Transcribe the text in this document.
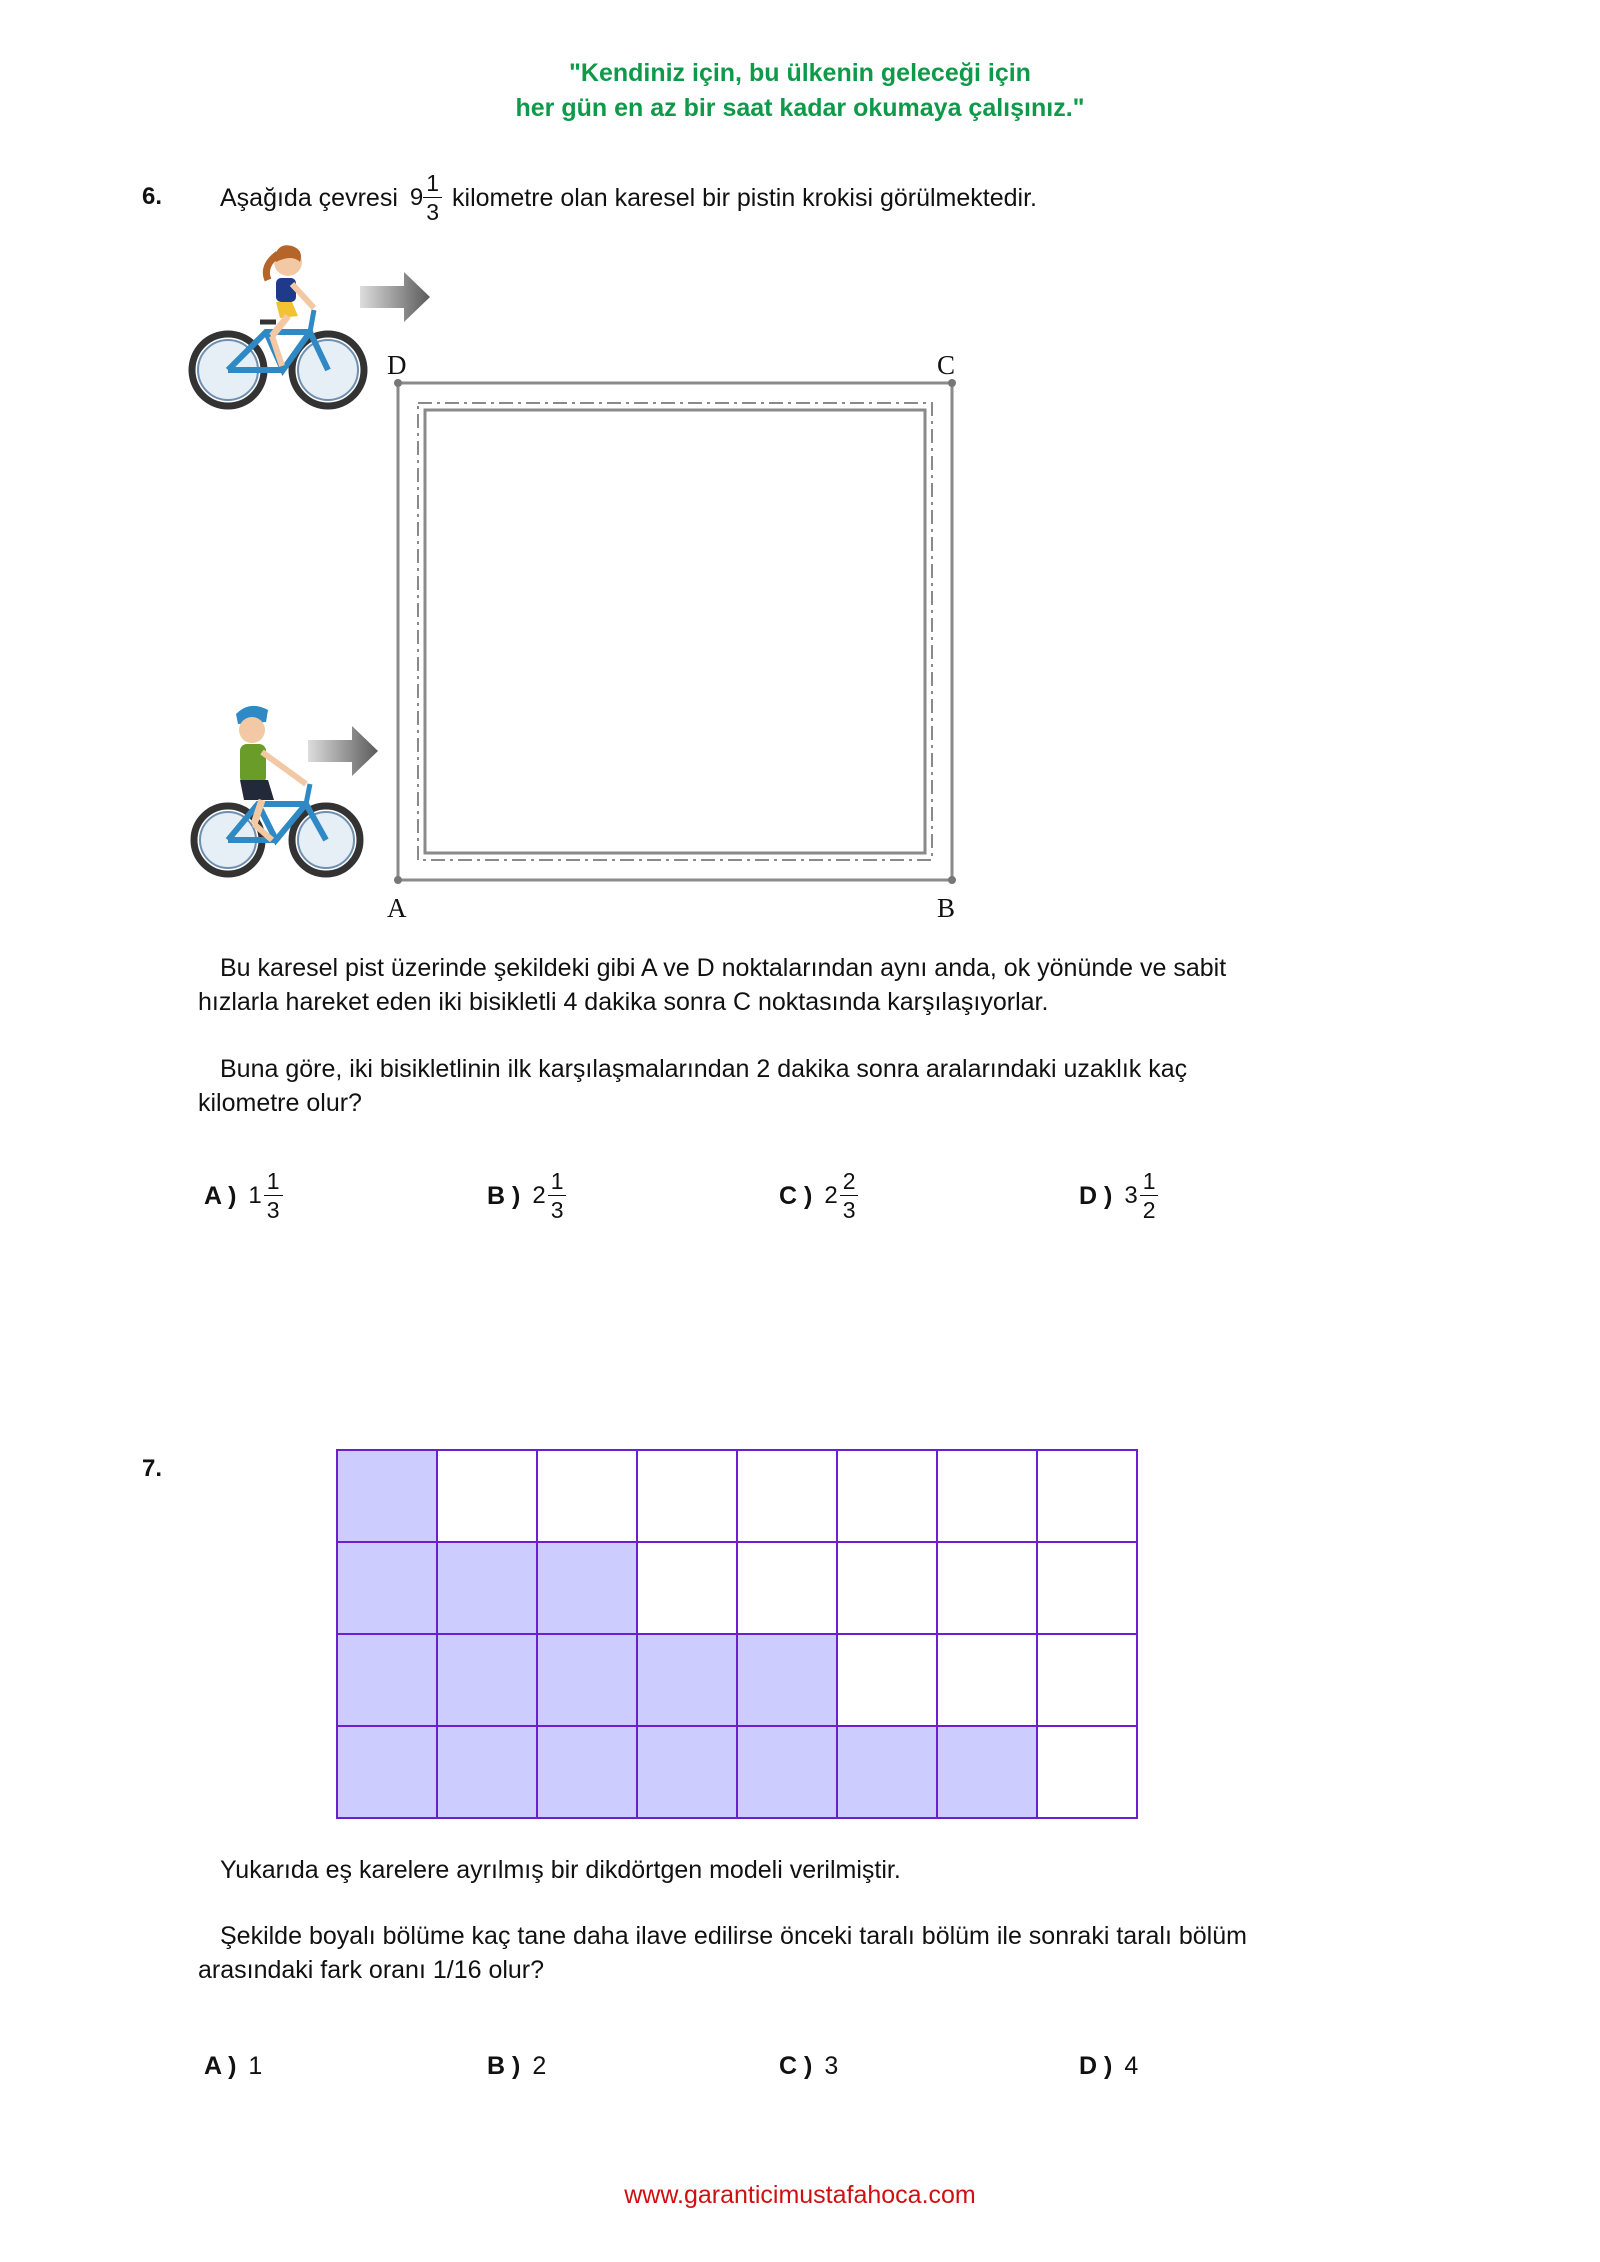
"Kendiniz için, bu ülkenin geleceği için
her gün en az bir saat kadar okumaya çalışınız."
6. Aşağıda çevresi $9 \frac{1}{3}$ kilometre olan karesel bir pistin krokisi görülmektedir.
D	C
A	B
Bu karesel pist üzerinde şekildeki gibi A ve D noktalarından aynı anda, ok yönünde ve sabit
hızlarla hareket eden iki bisikletli 4 dakika sonra C noktasında karşılaşıyorlar.
Buna göre, iki bisikletlinin ilk karşılaşmalarından 2 dakika sonra aralarındaki uzaklık kaç
kilometre olur?
A ) $1 \frac{1}{3}$	B ) $2 \frac{1}{3}$	C ) $2 \frac{2}{3}$	D ) $3 \frac{1}{2}$
7.
Yukarıda eş karelere ayrılmış bir dikdörtgen modeli verilmiştir.
Şekilde boyalı bölüme kaç tane daha ilave edilirse önceki taralı bölüm ile sonraki taralı bölüm
arasındaki fark oranı 1/16 olur?
A ) 1	B ) 2	C ) 3	D ) 4
www.garanticimustafahoca.com
